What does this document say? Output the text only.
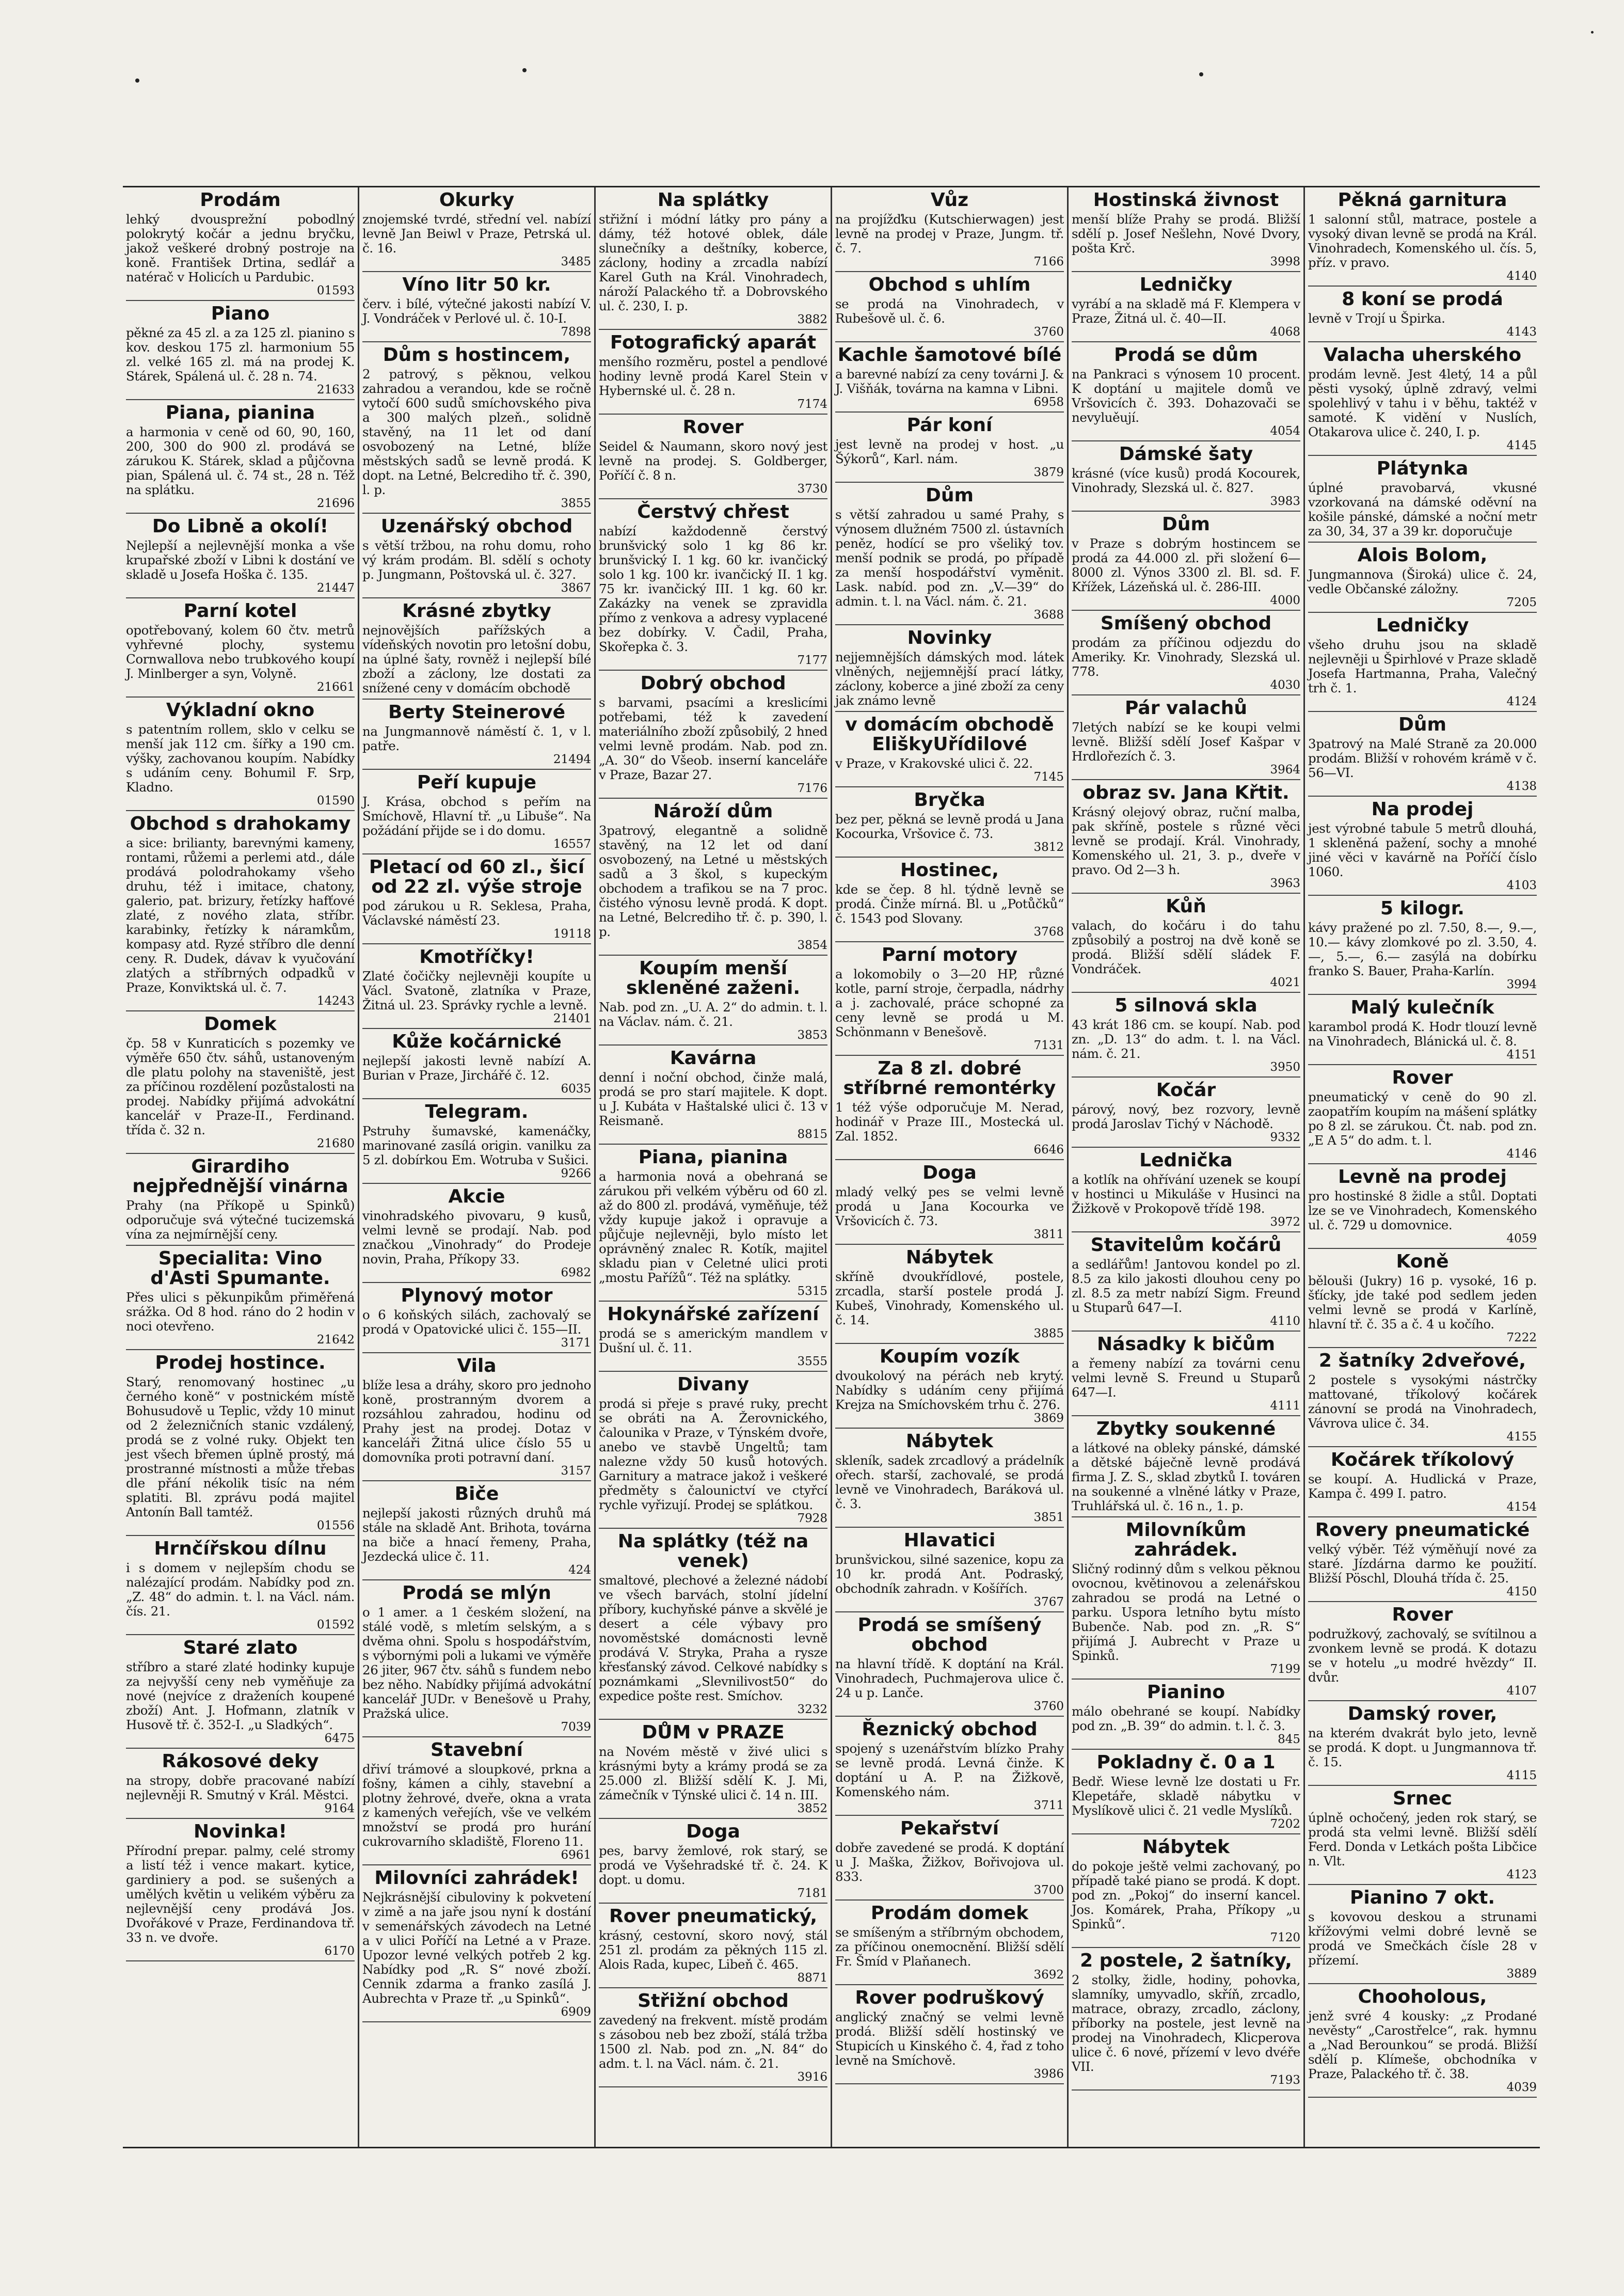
Prodám
lehký dvousprežní pobodlný polokrytý kočár a jednu bryčku, jakož veškeré drobný postroje na koně. František Drtina, sedlář a natérač v Holicích u Pardubic.
01593
Piano
pěkné za 45 zl. a za 125 zl. pianino s kov. deskou 175 zl. harmonium 55 zl. velké 165 zl. má na prodej K. Stárek, Spálená ul. č. 28 n. 74.
21633
Piana, pianina
a harmonia v ceně od 60, 90, 160, 200, 300 do 900 zl. prodává se zárukou K. Stárek, sklad a půjčovna pian, Spálená ul. č. 74 st., 28 n. Též na splátku.
21696
Do Libně a okolí!
Nejlepší a nejlevnější monka a vše krupařské zboží v Libni k dostání ve skladě u Josefa Hoška č. 135.
21447
Parní kotel
opotřebovaný, kolem 60 čtv. metrů vyhřevné plochy, systemu Cornwallova nebo trubkového koupí J. Minlberger a syn, Volyně.
21661
Výkladní okno
s patentním rollem, sklo v celku se menší jak 112 cm. šířky a 190 cm. výšky, zachovanou koupím. Nabídky s udáním ceny. Bohumil F. Srp, Kladno.
01590
Obchod s drahokamy
a sice: brilianty, barevnými kameny, rontami, růžemi a perlemi atd., dále prodává polodrahokamy všeho druhu, též i imitace, chatony, galerio, pat. brizury, řetízky hafťové zlaté, z nového zlata, stříbr. karabinky, řetízky k náramkům, kompasy atd. Ryzé stříbro dle denní ceny. R. Dudek, dávav k vyučování zlatých a stříbrných odpadků v Praze, Konviktská ul. č. 7.
14243
Domek
čp. 58 v Kunraticích s pozemky ve výměře 650 čtv. sáhů, ustanoveným dle platu polohy na staveniště, jest za příčinou rozdělení pozůstalosti na prodej. Nabídky přijímá advokátní kancelář v Praze-II., Ferdinand. třída č. 32 n.
21680
Girardiho nejpřednější vinárna
Prahy (na Příkopě u Spinků) odporučuje svá výtečné tucizemská vína za nejmírnější ceny.
Specialita: Vino d'Asti Spumante.
Přes ulici s pěkunpikům přiměřená srážka. Od 8 hod. ráno do 2 hodin v noci otevřeno.
21642
Prodej hostince.
Starý, renomovaný hostinec „u černého koně“ v postnickém místě Bohusudově u Teplic, vždy 10 minut od 2 železničních stanic vzdálený, prodá se z volné ruky. Objekt ten jest všech břemen úplně prostý, má prostranné místnosti a může třebas dle přání nékolik tisíc na ném splatiti. Bl. zprávu podá majitel Antonín Ball tamtéž.
01556
Hrnčířskou dílnu
i s domem v nejlepším chodu se nalézající prodám. Nabídky pod zn. „Z. 48“ do admin. t. l. na Václ. nám. čís. 21.
01592
Staré zlato
stříbro a staré zlaté hodinky kupuje za nejvyšší ceny neb vyměňuje za nové (nejvíce z draženích koupené zboží) Ant. J. Hofmann, zlatník v Husově tř. č. 352-I. „u Sladkých“.
6475
Rákosové deky
na stropy, dobře pracované nabízí nejlevněji R. Smutný v Král. Městci.
9164
Novinka!
Přírodní prepar. palmy, celé stromy a listí též i vence makart. kytice, gardiniery a pod. se sušených a umělých květin u velikém výběru za nejlevnější ceny prodává Jos. Dvořákové v Praze, Ferdinandova tř. 33 n. ve dvoře.
6170
Okurky
znojemské tvrdé, střední vel. nabízí levně Jan Beiwl v Praze, Petrská ul. č. 16.
3485
Víno litr 50 kr.
červ. i bílé, výtečné jakosti nabízí V. J. Vondráček v Perlové ul. č. 10-I.
7898
Dům s hostincem,
2 patrový, s pěknou, velkou zahradou a verandou, kde se ročně vytočí 600 sudů smíchovského piva a 300 malých plzeň., solidně stavěný, na 11 let od daní osvobozený na Letné, blíže městských sadů se levně prodá. K dopt. na Letné, Belcrediho tř. č. 390, l. p.
3855
Uzenářský obchod
s větší tržbou, na rohu domu, roho vý krám prodám. Bl. sdělí s ochoty p. Jungmann, Poštovská ul. č. 327.
3867
Krásné zbytky
nejnovějších pařížských a vídeňských novotin pro letošní dobu, na úplné šaty, rovněž i nejlepší bílé zboží a záclony, lze dostati za snížené ceny v domácím obchodě
Berty Steinerové
na Jungmannově náměstí č. 1, v l. patře.
21494
Peří kupuje
J. Krása, obchod s peřím na Smíchově, Hlavní tř. „u Libuše“. Na požádání přijde se i do domu.
16557
Pletací od 60 zl., šicí od 22 zl. výše stroje
pod zárukou u R. Seklesa, Praha, Václavské náměstí 23.
19118
Kmotříčky!
Zlaté čočičky nejlevněji koupíte u Václ. Svatoně, zlatníka v Praze, Žitná ul. 23. Správky rychle a levně.
21401
Kůže kočárnické
nejlepší jakosti levně nabízí A. Burian v Praze, Jirchářé č. 12.
6035
Telegram.
Pstruhy šumavské, kamenáčky, marinované zasílá origin. vanilku za 5 zl. dobírkou Em. Wotruba v Sušici.
9266
Akcie
vinohradského pivovaru, 9 kusů, velmi levně se prodají. Nab. pod značkou „Vinohrady“ do Prodeje novin, Praha, Příkopy 33.
6982
Plynový motor
o 6 koňských silách, zachovalý se prodá v Opatovické ulici č. 155—II.
3171
Vila
blíže lesa a dráhy, skoro pro jednoho koně, prostranným dvorem a rozsáhlou zahradou, hodinu od Prahy jest na prodej. Dotaz v kanceláři Žitná ulice číslo 55 u domovníka proti potravní daní.
3157
Biče
nejlepší jakosti různých druhů má stále na skladě Ant. Brihota, továrna na biče a hnací řemeny, Praha, Jezdecká ulice č. 11.
424
Prodá se mlýn
o 1 amer. a 1 českém složení, na stálé vodě, s mletím selským, a s dvěma ohni. Spolu s hospodářstvím, s výbornými poli a lukami ve výměře 26 jiter, 967 čtv. sáhů s fundem nebo bez něho. Nabídky přijímá advokátní kancelář JUDr. v Benešově u Prahy, Pražská ulice.
7039
Stavební
dřiví trámové a sloupkové, prkna a fošny, kámen a cihly, stavební a plotny žehrové, dveře, okna a vrata z kamených veřejích, vše ve velkém množství se prodá pro hurání cukrovarního skladiště, Floreno 11.
6961
Milovníci zahrádek!
Nejkrásnější cibuloviny k pokvetení v zimě a na jaře jsou nyní k dostání v semenářských závodech na Letné a v ulici Poříčí na Letné a v Praze. Upozor levné velkých potřeb 2 kg. Nabídky pod „R. S“ nové zboží. Cennik zdarma a franko zasílá J. Aubrechta v Praze tř. „u Spinků“.
6909
Na splátky
střižní i módní látky pro pány a dámy, též hotové oblek, dále slunečníky a deštníky, koberce, záclony, hodiny a zrcadla nabízí Karel Guth na Král. Vinohradech, nároží Palackého tř. a Dobrovského ul. č. 230, I. p.
3882
Fotografický aparát
menšího rozměru, postel a pendlové hodiny levně prodá Karel Stein v Hybernské ul. č. 28 n.
7174
Rover
Seidel & Naumann, skoro nový jest levně na prodej. S. Goldberger, Poříčí č. 8 n.
3730
Čerstvý chřest
nabízí každodenně čerstvý brunšvický solo 1 kg 86 kr. brunšvický I. 1 kg. 60 kr. ivančický solo 1 kg. 100 kr. ivančický II. 1 kg. 75 kr. ivančický III. 1 kg. 60 kr. Zakázky na venek se zpravidla přímo z venkova a adresy vyplacené bez dobírky. V. Čadil, Praha, Skořepka č. 3.
7177
Dobrý obchod
s barvami, psacími a kreslicími potřebami, též k zavedení materiálního zboží způsobilý, 2 hned velmi levně prodám. Nab. pod zn. „A. 30“ do Všeob. inserní kanceláře v Praze, Bazar 27.
7176
Nároží dům
3patrový, elegantně a solidně stavěný, na 12 let od daní osvobozený, na Letné u městských sadů a 3 škol, s kupeckým obchodem a trafikou se na 7 proc. čistého výnosu levně prodá. K dopt. na Letné, Belcrediho tř. č. p. 390, l. p.
3854
Koupím menší skleněné zaženi.
Nab. pod zn. „U. A. 2“ do admin. t. l. na Václav. nám. č. 21.
3853
Kavárna
denní i noční obchod, činže malá, prodá se pro starí majitele. K dopt. u J. Kubáta v Haštalské ulici č. 13 v Reismaně.
8815
Piana, pianina
a harmonia nová a obehraná se zárukou při velkém výběru od 60 zl. až do 800 zl. prodává, vyměňuje, též vždy kupuje jakož i opravuje a půjčuje nejlevněji, bylo místo let oprávněný znalec R. Kotík, majitel skladu pian v Celetné ulici proti „mostu Pařížů“. Též na splátky.
5315
Hokynářské zařízení
prodá se s americkým mandlem v Dušní ul. č. 11.
3555
Divany
prodá si přeje s pravé ruky, precht se obráti na A. Žerovnického, čalounika v Praze, v Týnském dvoře, anebo ve stavbě Ungeltů; tam nalezne vždy 50 kusů hotových. Garnitury a matrace jakož i veškeré předměty s čalounictví ve ctyřcí rychle vyřizují. Prodej se splátkou.
7928
Na splátky (též na venek)
smaltové, plechové a železné nádobí ve všech barvách, stolní jídelní příbory, kuchyňské pánve a skvělé je desert a céle výbavy pro novoměstské domácnosti levně prodává V. Stryka, Praha a rysze křesťanský závod. Celkové nabídky s poznámkami „Slevnilivost50“ do expedice pošte rest. Smíchov.
3232
DŮM v PRAZE
na Novém městě v živé ulici s krásnými byty a krámy prodá se za 25.000 zl. Bližší sdělí K. J. Mi, zámečník v Týnské ulici č. 14 n. III.
3852
Doga
pes, barvy žemlové, rok starý, se prodá ve Vyšehradské tř. č. 24. K dopt. u domu.
7181
Rover pneumatický,
krásný, cestovní, skoro nový, stál 251 zl. prodám za pěkných 115 zl. Alois Rada, kupec, Libeň č. 465.
8871
Střižní obchod
zavedený na frekvent. místě prodám s zásobou neb bez zboží, stálá tržba 1500 zl. Nab. pod zn. „N. 84“ do adm. t. l. na Václ. nám. č. 21.
3916
Vůz
na projížďku (Kutschierwagen) jest levně na prodej v Praze, Jungm. tř. č. 7.
7166
Obchod s uhlím
se prodá na Vinohradech, v Rubešově ul. č. 6.
3760
Kachle šamotové bílé
a barevné nabízí za ceny továrni J. & J. Višňák, továrna na kamna v Libni.
6958
Pár koní
jest levně na prodej v host. „u Šýkorů“, Karl. nám.
3879
Dům
s větší zahradou u samé Prahy, s výnosem dlužném 7500 zl. ústavních peněz, hodící se pro všeliký tov. menší podnik se prodá, po případě za menší hospodářství vyměnit. Lask. nabíd. pod zn. „V.—39“ do admin. t. l. na Václ. nám. č. 21.
3688
Novinky
nejjemnějších dámských mod. látek vlněných, nejjemnější prací látky, záclony, koberce a jiné zboží za ceny jak známo levně
v domácím obchodě EliškyUřídilové
v Praze, v Krakovské ulici č. 22.
7145
Bryčka
bez per, pěkná se levně prodá u Jana Kocourka, Vršovice č. 73.
3812
Hostinec,
kde se čep. 8 hl. týdně levně se prodá. Činže mírná. Bl. u „Potůčků“ č. 1543 pod Slovany.
3768
Parní motory
a lokomobily o 3—20 HP, různé kotle, parní stroje, čerpadla, nádrhy a j. zachovalé, práce schopné za ceny levně se prodá u M. Schönmann v Benešově.
7131
Za 8 zl. dobré stříbrné remontérky
1 též výše odporučuje M. Nerad, hodinář v Praze III., Mostecká ul. Zal. 1852.
6646
Doga
mladý velký pes se velmi levně prodá u Jana Kocourka ve Vršovicích č. 73.
3811
Nábytek
skříně dvoukřídlové, postele, zrcadla, starší postele prodá J. Kubeš, Vinohrady, Komenského ul. č. 14.
3885
Koupím vozík
dvoukolový na pérách neb krytý. Nabídky s udáním ceny přijímá Krejza na Smíchovském trhu č. 276.
3869
Nábytek
skleník, sadek zrcadlový a prádelník ořech. starší, zachovalé, se prodá levně ve Vinohradech, Baráková ul. č. 3.
3851
Hlavatici
brunšvickou, silné sazenice, kopu za 10 kr. prodá Ant. Podraský, obchodník zahradn. v Košířích.
3767
Prodá se smíšený obchod
na hlavní třídě. K doptání na Král. Vinohradech, Puchmajerova ulice č. 24 u p. Lanče.
3760
Řeznický obchod
spojený s uzenářstvím blízko Prahy se levně prodá. Levná činže. K doptání u A. P. na Žižkově, Komenského nám.
3711
Pekařství
dobře zavedené se prodá. K doptání u J. Maška, Žižkov, Bořivojova ul. 833.
3700
Prodám domek
se smíšeným a stříbrným obchodem, za příčinou onemocnění. Bližší sdělí Fr. Šmíd v Plaňanech.
3692
Rover podruškový
anglický značný se velmi levně prodá. Bližší sdělí hostinský ve Stupicích u Kinského č. 4, řad z toho levně na Smíchově.
3986
Hostinská živnost
menší blíže Prahy se prodá. Bližší sdělí p. Josef Nešlehn, Nové Dvory, pošta Krč.
3998
Ledničky
vyrábí a na skladě má F. Klempera v Praze, Žitná ul. č. 40—II.
4068
Prodá se dům
na Pankraci s výnosem 10 procent. K doptání u majitele domů ve Vršovicích č. 393. Dohazovači se nevyluěují.
4054
Dámské šaty
krásné (více kusů) prodá Kocourek, Vinohrady, Slezská ul. č. 827.
3983
Dům
v Praze s dobrým hostincem se prodá za 44.000 zl. při složení 6—8000 zl. Výnos 3300 zl. Bl. sd. F. Křížek, Lázeňská ul. č. 286-III.
4000
Smíšený obchod
prodám za příčinou odjezdu do Ameriky. Kr. Vinohrady, Slezská ul. 778.
4030
Pár valachů
7letých nabízí se ke koupi velmi levně. Bližší sdělí Josef Kašpar v Hrdlořezích č. 3.
3964
obraz sv. Jana Křtit.
Krásný olejový obraz, ruční malba, pak skříně, postele s různé věci levně se prodají. Král. Vinohrady, Komenského ul. 21, 3. p., dveře v pravo. Od 2—3 h.
3963
Kůň
valach, do kočáru i do tahu způsobilý a postroj na dvě koně se prodá. Bližší sdělí sládek F. Vondráček.
4021
5 silnová skla
43 krát 186 cm. se koupí. Nab. pod zn. „D. 13“ do adm. t. l. na Václ. nám. č. 21.
3950
Kočár
párový, nový, bez rozvory, levně prodá Jaroslav Tichý v Náchodě.
9332
Lednička
a kotlík na ohřívání uzenek se koupí v hostinci u Mikuláše v Husinci na Žižkově v Prokopově třídě 198.
3972
Stavitelům kočárů
a sedlářům! Jantovou kondel po zl. 8.5 za kilo jakosti dlouhou ceny po zl. 8.5 za metr nabízí Sigm. Freund u Stuparů 647—I.
4110
Násadky k bičům
a řemeny nabízí za továrni cenu velmi levně S. Freund u Stuparů 647—I.
4111
Zbytky soukenné
a látkové na obleky pánské, dámské a dětské báječně levně prodává firma J. Z. S., sklad zbytků I. továren na soukenné a vlněné látky v Praze, Truhlářská ul. č. 16 n., 1. p.
Milovníkům zahrádek.
Sličný rodinný dům s velkou pěknou ovocnou, květinovou a zelenářskou zahradou se prodá na Letné o parku. Uspora letního bytu místo Bubenče. Nab. pod zn. „R. S“ přijímá J. Aubrecht v Praze u Spinků.
7199
Pianino
málo obehrané se koupí. Nabídky pod zn. „B. 39“ do admin. t. l. č. 3.
845
Pokladny č. 0 a 1
Bedř. Wiese levně lze dostati u Fr. Klepetáře, skladě nábytku v Myslíkově ulici č. 21 vedle Myslíků.
7202
Nábytek
do pokoje ještě velmi zachovaný, po případě také piano se prodá. K dopt. pod zn. „Pokoj“ do inserní kancel. Jos. Komárek, Praha, Příkopy „u Spinků“.
7120
2 postele, 2 šatníky,
2 stolky, židle, hodiny, pohovka, slamníky, umyvadlo, skříň, zrcadlo, matrace, obrazy, zrcadlo, záclony, příborky na postele, jest levně na prodej na Vinohradech, Klicperova ulice č. 6 nové, přízemí v levo dvéře VII.
7193
Pěkná garnitura
1 salonní stůl, matrace, postele a vysoký divan levně se prodá na Král. Vinohradech, Komenského ul. čís. 5, příz. v pravo.
4140
8 koní se prodá
levně v Trojí u Špirka.
4143
Valacha uherského
prodám levně. Jest 4letý, 14 a půl pěsti vysoký, úplně zdravý, velmi spolehlivý v tahu i v běhu, taktéž v samoté. K vidění v Nuslích, Otakarova ulice č. 240, I. p.
4145
Plátynka
úplné pravobarvá, vkusné vzorkovaná na dámské oděvní na košile pánské, dámské a noční metr za 30, 34, 37 a 39 kr. doporučuje
Alois Bolom,
Jungmannova (Široká) ulice č. 24, vedle Občanské záložny.
7205
Ledničky
všeho druhu jsou na skladě nejlevněji u Špirhlové v Praze skladě Josefa Hartmanna, Praha, Valečný trh č. 1.
4124
Dům
3patrový na Malé Straně za 20.000 prodám. Bližší v rohovém krámě v č. 56—VI.
4138
Na prodej
jest výrobné tabule 5 metrů dlouhá, 1 skleněná pažení, sochy a mnohé jiné věci v kavárně na Poříčí číslo 1060.
4103
5 kilogr.
kávy pražené po zl. 7.50, 8.—, 9.—, 10.— kávy zlomkové po zl. 3.50, 4.—, 5.—, 6.— zasýlá na dobírku franko S. Bauer, Praha-Karlín.
3994
Malý kulečník
karambol prodá K. Hodr tlouzí levně na Vinohradech, Blánická ul. č. 8.
4151
Rover
pneumatický v ceně do 90 zl. zaopatřím koupím na mášení splátky po 8 zl. se zárukou. Čt. nab. pod zn. „E A 5“ do adm. t. l.
4146
Levně na prodej
pro hostinské 8 židle a stůl. Doptati lze se ve Vinohradech, Komenského ul. č. 729 u domovnice.
4059
Koně
bělouši (Jukry) 16 p. vysoké, 16 p. šťícky, jde také pod sedlem jeden velmi levně se prodá v Karlíně, hlavní tř. č. 35 a č. 4 u kočího.
7222
2 šatníky 2dveřové,
2 postele s vysokými nástrčky mattované, tříkolový kočárek zánovní se prodá na Vinohradech, Vávrova ulice č. 34.
4155
Kočárek tříkolový
se koupí. A. Hudlická v Praze, Kampa č. 499 I. patro.
4154
Rovery pneumatické
velký výběr. Též výměňují nové za staré. Jízdárna darmo ke použití. Bližší Pöschl, Dlouhá třída č. 25.
4150
Rover
podružkový, zachovalý, se svítilnou a zvonkem levně se prodá. K dotazu se v hotelu „u modré hvězdy“ II. dvůr.
4107
Damský rover,
na kterém dvakrát bylo jeto, levně se prodá. K dopt. u Jungmannova tř. č. 15.
4115
Srnec
úplně ochočený, jeden rok starý, se prodá sta velmi levně. Bližší sdělí Ferd. Donda v Letkách pošta Libčice n. Vlt.
4123
Pianino 7 okt.
s kovovou deskou a strunami křížovými velmi dobré levně se prodá ve Smečkách čísle 28 v přízemí.
3889
Chooholous,
jenž svré 4 kousky: „z Prodané nevěsty“ „Carostřelce“, rak. hymnu a „Nad Berounkou“ se prodá. Bližší sdělí p. Klímeše, obchodníka v Praze, Palackého tř. č. 38.
4039
